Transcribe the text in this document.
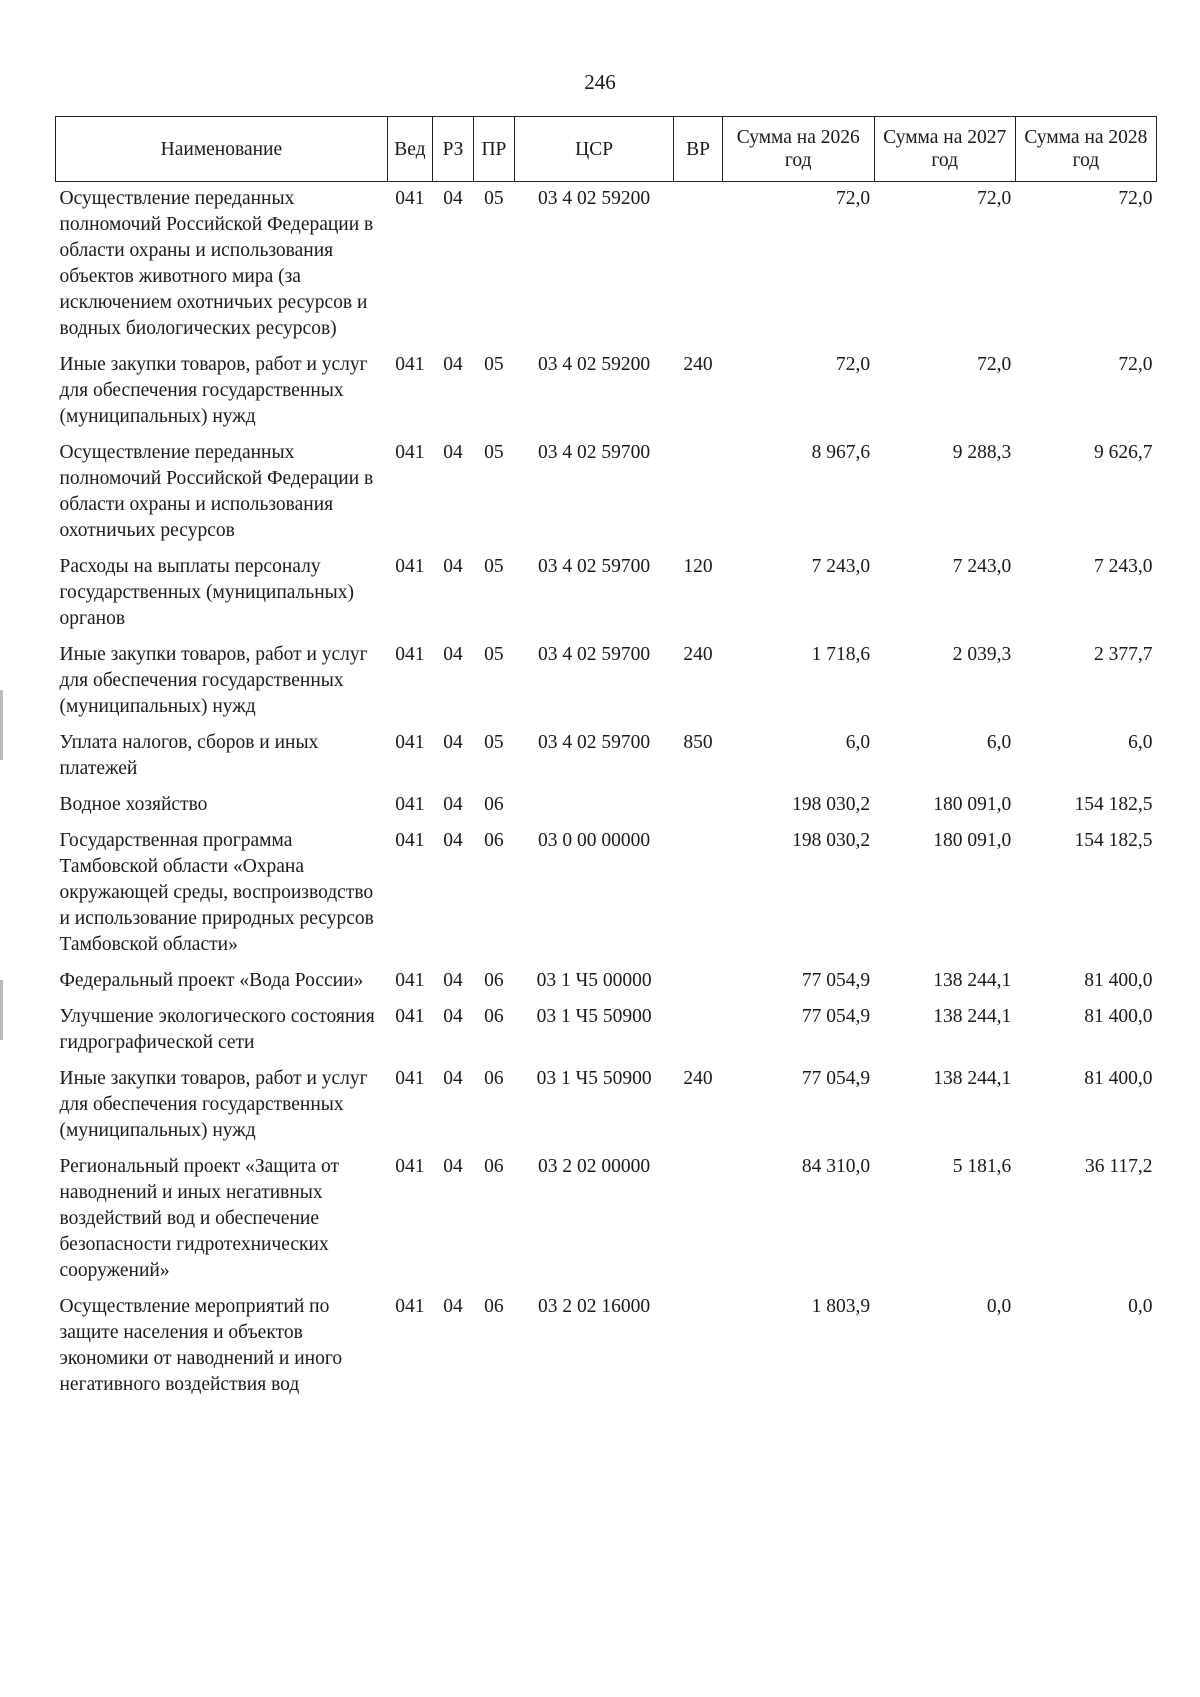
246
Наименование	Вед	РЗ	ПР	ЦСР	ВР	Сумма на 2026 год	Сумма на 2027 год	Сумма на 2028 год
Осуществление переданных полномочий Российской Федерации в области охраны и использования объектов животного мира (за исключением охотничьих ресурсов и водных биологических ресурсов)	041	04	05	03 4 02 59200		72,0	72,0	72,0
Иные закупки товаров, работ и услуг для обеспечения государственных (муниципальных) нужд	041	04	05	03 4 02 59200	240	72,0	72,0	72,0
Осуществление переданных полномочий Российской Федерации в области охраны и использования охотничьих ресурсов	041	04	05	03 4 02 59700		8 967,6	9 288,3	9 626,7
Расходы на выплаты персоналу государственных (муниципальных) органов	041	04	05	03 4 02 59700	120	7 243,0	7 243,0	7 243,0
Иные закупки товаров, работ и услуг для обеспечения государственных (муниципальных) нужд	041	04	05	03 4 02 59700	240	1 718,6	2 039,3	2 377,7
Уплата налогов, сборов и иных платежей	041	04	05	03 4 02 59700	850	6,0	6,0	6,0
Водное хозяйство	041	04	06			198 030,2	180 091,0	154 182,5
Государственная программа Тамбовской области «Охрана окружающей среды, воспроизводство и использование природных ресурсов Тамбовской области»	041	04	06	03 0 00 00000		198 030,2	180 091,0	154 182,5
Федеральный проект «Вода России»	041	04	06	03 1 Ч5 00000		77 054,9	138 244,1	81 400,0
Улучшение экологического состояния гидрографической сети	041	04	06	03 1 Ч5 50900		77 054,9	138 244,1	81 400,0
Иные закупки товаров, работ и услуг для обеспечения государственных (муниципальных) нужд	041	04	06	03 1 Ч5 50900	240	77 054,9	138 244,1	81 400,0
Региональный проект «Защита от наводнений и иных негативных воздействий вод и обеспечение безопасности гидротехнических сооружений»	041	04	06	03 2 02 00000		84 310,0	5 181,6	36 117,2
Осуществление мероприятий по защите населения и объектов экономики от наводнений и иного негативного воздействия вод	041	04	06	03 2 02 16000		1 803,9	0,0	0,0
